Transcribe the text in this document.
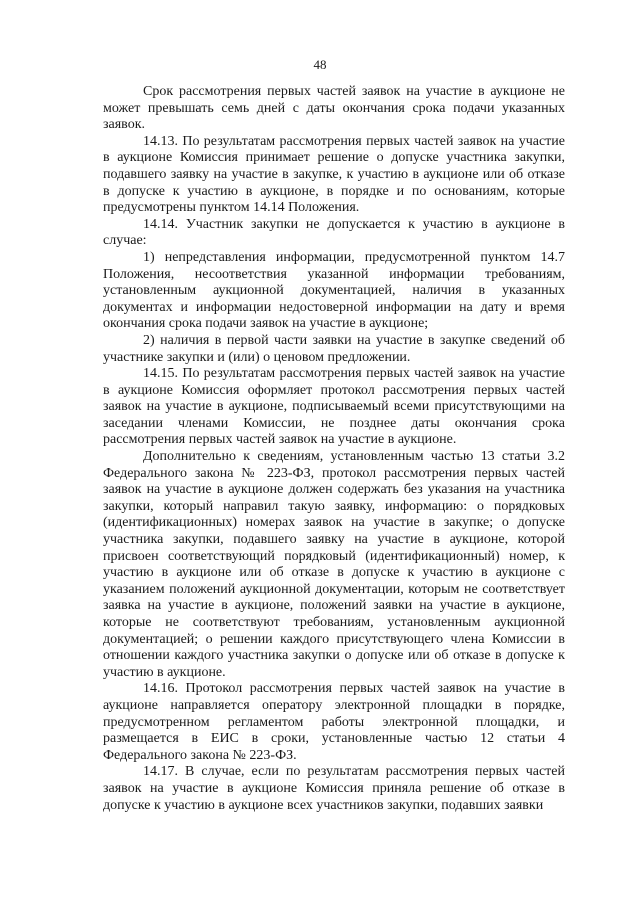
48

Срок рассмотрения первых частей заявок на участие в аукционе не может превышать семь дней с даты окончания срока подачи указанных заявок.

14.13. По результатам рассмотрения первых частей заявок на участие в аукционе Комиссия принимает решение о допуске участника закупки, подавшего заявку на участие в закупке, к участию в аукционе или об отказе в допуске к участию в аукционе, в порядке и по основаниям, которые предусмотрены пунктом 14.14 Положения.

14.14. Участник закупки не допускается к участию в аукционе в случае:

1) непредставления информации, предусмотренной пунктом 14.7 Положения, несоответствия указанной информации требованиям, установленным аукционной документацией, наличия в указанных документах и информации недостоверной информации на дату и время окончания срока подачи заявок на участие в аукционе;

2) наличия в первой части заявки на участие в закупке сведений об участнике закупки и (или) о ценовом предложении.

14.15. По результатам рассмотрения первых частей заявок на участие в аукционе Комиссия оформляет протокол рассмотрения первых частей заявок на участие в аукционе, подписываемый всеми присутствующими на заседании членами Комиссии, не позднее даты окончания срока рассмотрения первых частей заявок на участие в аукционе.

Дополнительно к сведениям, установленным частью 13 статьи 3.2 Федерального закона № 223-ФЗ, протокол рассмотрения первых частей заявок на участие в аукционе должен содержать без указания на участника закупки, который направил такую заявку, информацию: о порядковых (идентификационных) номерах заявок на участие в закупке; о допуске участника закупки, подавшего заявку на участие в аукционе, которой присвоен соответствующий порядковый (идентификационный) номер, к участию в аукционе или об отказе в допуске к участию в аукционе с указанием положений аукционной документации, которым не соответствует заявка на участие в аукционе, положений заявки на участие в аукционе, которые не соответствуют требованиям, установленным аукционной документацией; о решении каждого присутствующего члена Комиссии в отношении каждого участника закупки о допуске или об отказе в допуске к участию в аукционе.

14.16. Протокол рассмотрения первых частей заявок на участие в аукционе направляется оператору электронной площадки в порядке, предусмотренном регламентом работы электронной площадки, и размещается в ЕИС в сроки, установленные частью 12 статьи 4 Федерального закона № 223-ФЗ.

14.17. В случае, если по результатам рассмотрения первых частей заявок на участие в аукционе Комиссия приняла решение об отказе в допуске к участию в аукционе всех участников закупки, подавших заявки
